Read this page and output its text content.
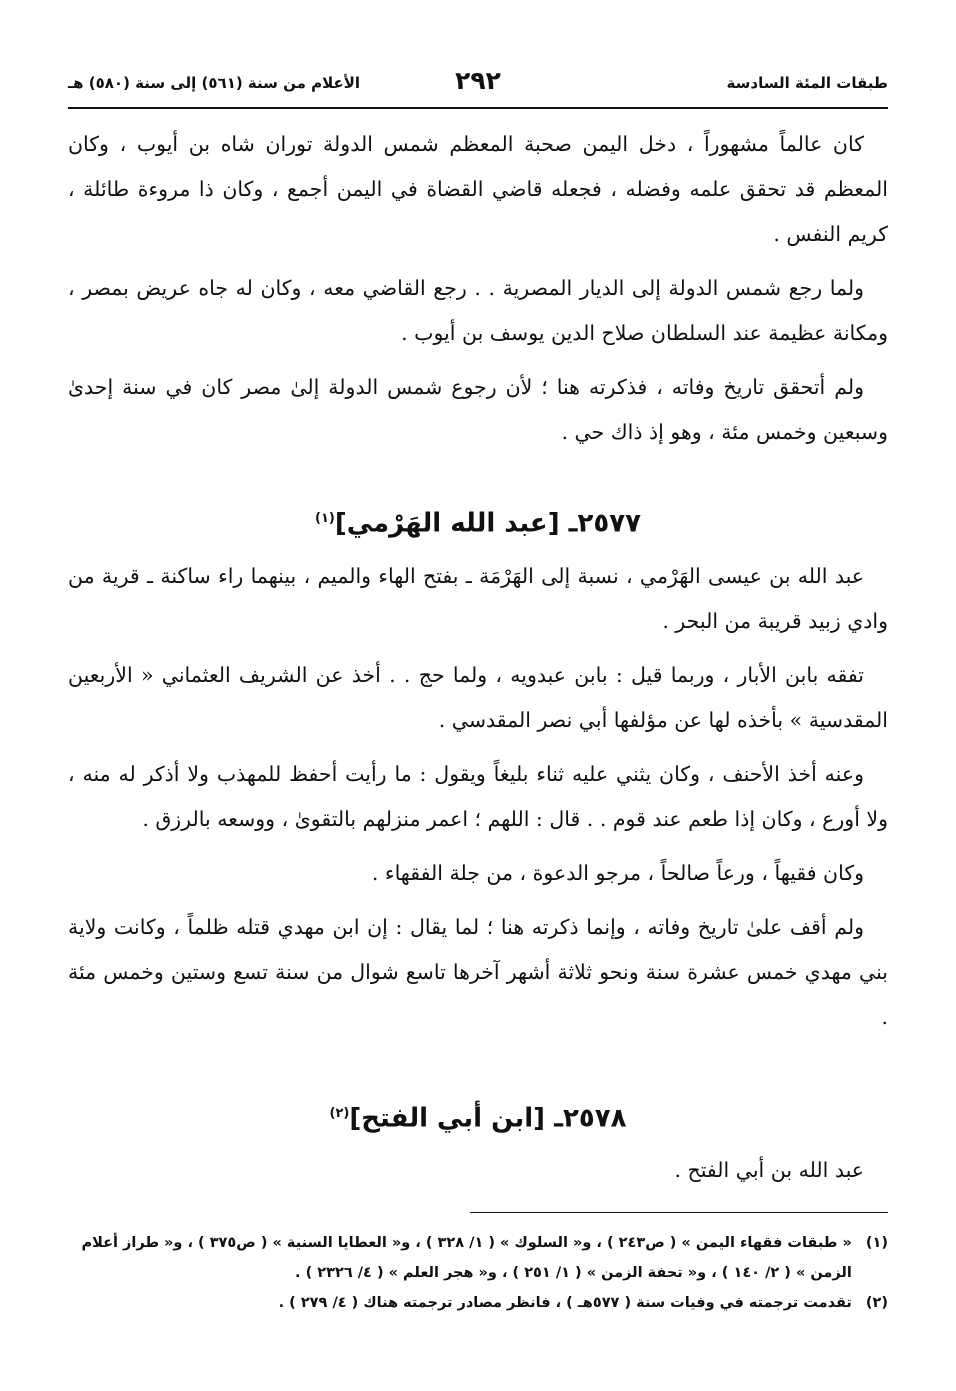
طبقات المئة السادسة
٢٩٢
الأعلام من سنة (٥٦١) إلى سنة (٥٨٠) هـ

كان عالماً مشهوراً ، دخل اليمن صحبة المعظم شمس الدولة توران شاه بن أيوب ، وكان المعظم قد تحقق علمه وفضله ، فجعله قاضي القضاة في اليمن أجمع ، وكان ذا مروءة طائلة ، كريم النفس .

ولما رجع شمس الدولة إلى الديار المصرية . . رجع القاضي معه ، وكان له جاه عريض بمصر ، ومكانة عظيمة عند السلطان صلاح الدين يوسف بن أيوب .

ولم أتحقق تاريخ وفاته ، فذكرته هنا ؛ لأن رجوع شمس الدولة إلىٰ مصر كان في سنة إحدىٰ وسبعين وخمس مئة ، وهو إذ ذاك حي .

٢٥٧٧ـ [عبد الله الهَرْمي]$^{(١)}$

عبد الله بن عيسى الهَرْمي ، نسبة إلى الهَرْمَة ـ بفتح الهاء والميم ، بينهما راء ساكنة ـ قرية من وادي زبيد قريبة من البحر .

تفقه بابن الأبار ، وربما قيل : بابن عبدويه ، ولما حج . . أخذ عن الشريف العثماني « الأربعين المقدسية » بأخذه لها عن مؤلفها أبي نصر المقدسي .

وعنه أخذ الأحنف ، وكان يثني عليه ثناء بليغاً ويقول : ما رأيت أحفظ للمهذب ولا أذكر له منه ، ولا أورع ، وكان إذا طعم عند قوم . . قال : اللهم ؛ اعمر منزلهم بالتقوىٰ ، ووسعه بالرزق .

وكان فقيهاً ، ورعاً صالحاً ، مرجو الدعوة ، من جلة الفقهاء .

ولم أقف علىٰ تاريخ وفاته ، وإنما ذكرته هنا ؛ لما يقال : إن ابن مهدي قتله ظلماً ، وكانت ولاية بني مهدي خمس عشرة سنة ونحو ثلاثة أشهر آخرها تاسع شوال من سنة تسع وستين وخمس مئة .

٢٥٧٨ـ [ابن أبي الفتح]$^{(٢)}$

عبد الله بن أبي الفتح .

(١)
« طبقات فقهاء اليمن » ( ص٢٤٣ ) ، و« السلوك » ( ١/ ٣٢٨ ) ، و« العطايا السنية » ( ص٣٧٥ ) ، و« طراز أعلام الزمن » ( ٢/ ١٤٠ ) ، و« تحفة الزمن » ( ١/ ٢٥١ ) ، و« هجر العلم » ( ٤/ ٢٣٢٦ ) .
(٢)
تقدمت ترجمته في وفيات سنة ( ٥٧٧هـ ) ، فانظر مصادر ترجمته هناك ( ٤/ ٢٧٩ ) .
